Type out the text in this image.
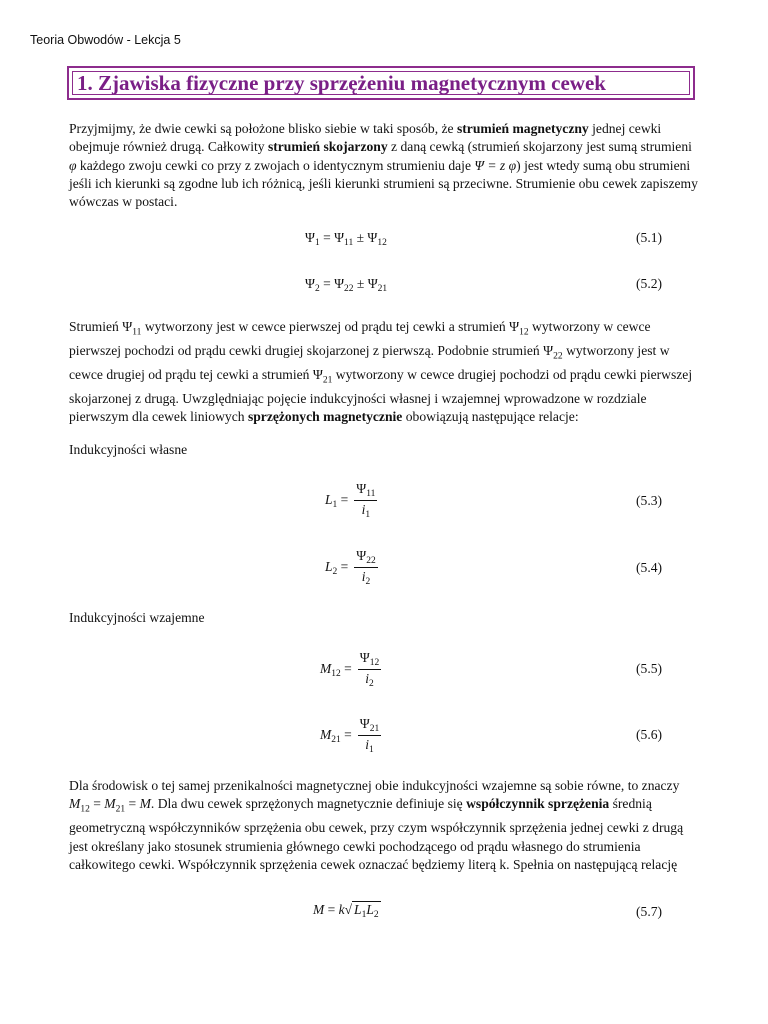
Teoria Obwodów - Lekcja 5
1. Zjawiska fizyczne przy sprzężeniu magnetycznym cewek
Przyjmijmy, że dwie cewki są położone blisko siebie w taki sposób, że strumień magnetyczny jednej cewki obejmuje również drugą. Całkowity strumień skojarzony z daną cewką (strumień skojarzony jest sumą strumieni φ każdego zwoju cewki co przy z zwojach o identycznym strumieniu daje Ψ = z φ) jest wtedy sumą obu strumieni jeśli ich kierunki są zgodne lub ich różnicą, jeśli kierunki strumieni są przeciwne. Strumienie obu cewek zapiszemy wówczas w postaci.
$\Psi_1 = \Psi_{11} \pm \Psi_{12}$	(5.1)
$\Psi_2 = \Psi_{22} \pm \Psi_{21}$	(5.2)
Strumień $\Psi_{11}$ wytworzony jest w cewce pierwszej od prądu tej cewki a strumień $\Psi_{12}$ wytworzony w cewce pierwszej pochodzi od prądu cewki drugiej skojarzonej z pierwszą. Podobnie strumień $\Psi_{22}$ wytworzony jest w cewce drugiej od prądu tej cewki a strumień $\Psi_{21}$ wytworzony w cewce drugiej pochodzi od prądu cewki pierwszej skojarzonej z drugą. Uwzględniając pojęcie indukcyjności własnej i wzajemnej wprowadzone w rozdziale pierwszym dla cewek liniowych sprzężonych magnetycznie obowiązują następujące relacje:
Indukcyjności własne
$L_1 = \frac{\Psi_{11}}{i_1}$	(5.3)
$L_2 = \frac{\Psi_{22}}{i_2}$	(5.4)
Indukcyjności wzajemne
$M_{12} = \frac{\Psi_{12}}{i_2}$	(5.5)
$M_{21} = \frac{\Psi_{21}}{i_1}$	(5.6)
Dla środowisk o tej samej przenikalności magnetycznej obie indukcyjności wzajemne są sobie równe, to znaczy $M_{12} = M_{21} = M$. Dla dwu cewek sprzężonych magnetycznie definiuje się współczynnik sprzężenia średnią geometryczną współczynników sprzężenia obu cewek, przy czym współczynnik sprzężenia jednej cewki z drugą jest określany jako stosunek strumienia głównego cewki pochodzącego od prądu własnego do strumienia całkowitego cewki. Współczynnik sprzężenia cewek oznaczać będziemy literą k. Spełnia on następującą relację
M = k√ $L_1L_2$	(5.7)
